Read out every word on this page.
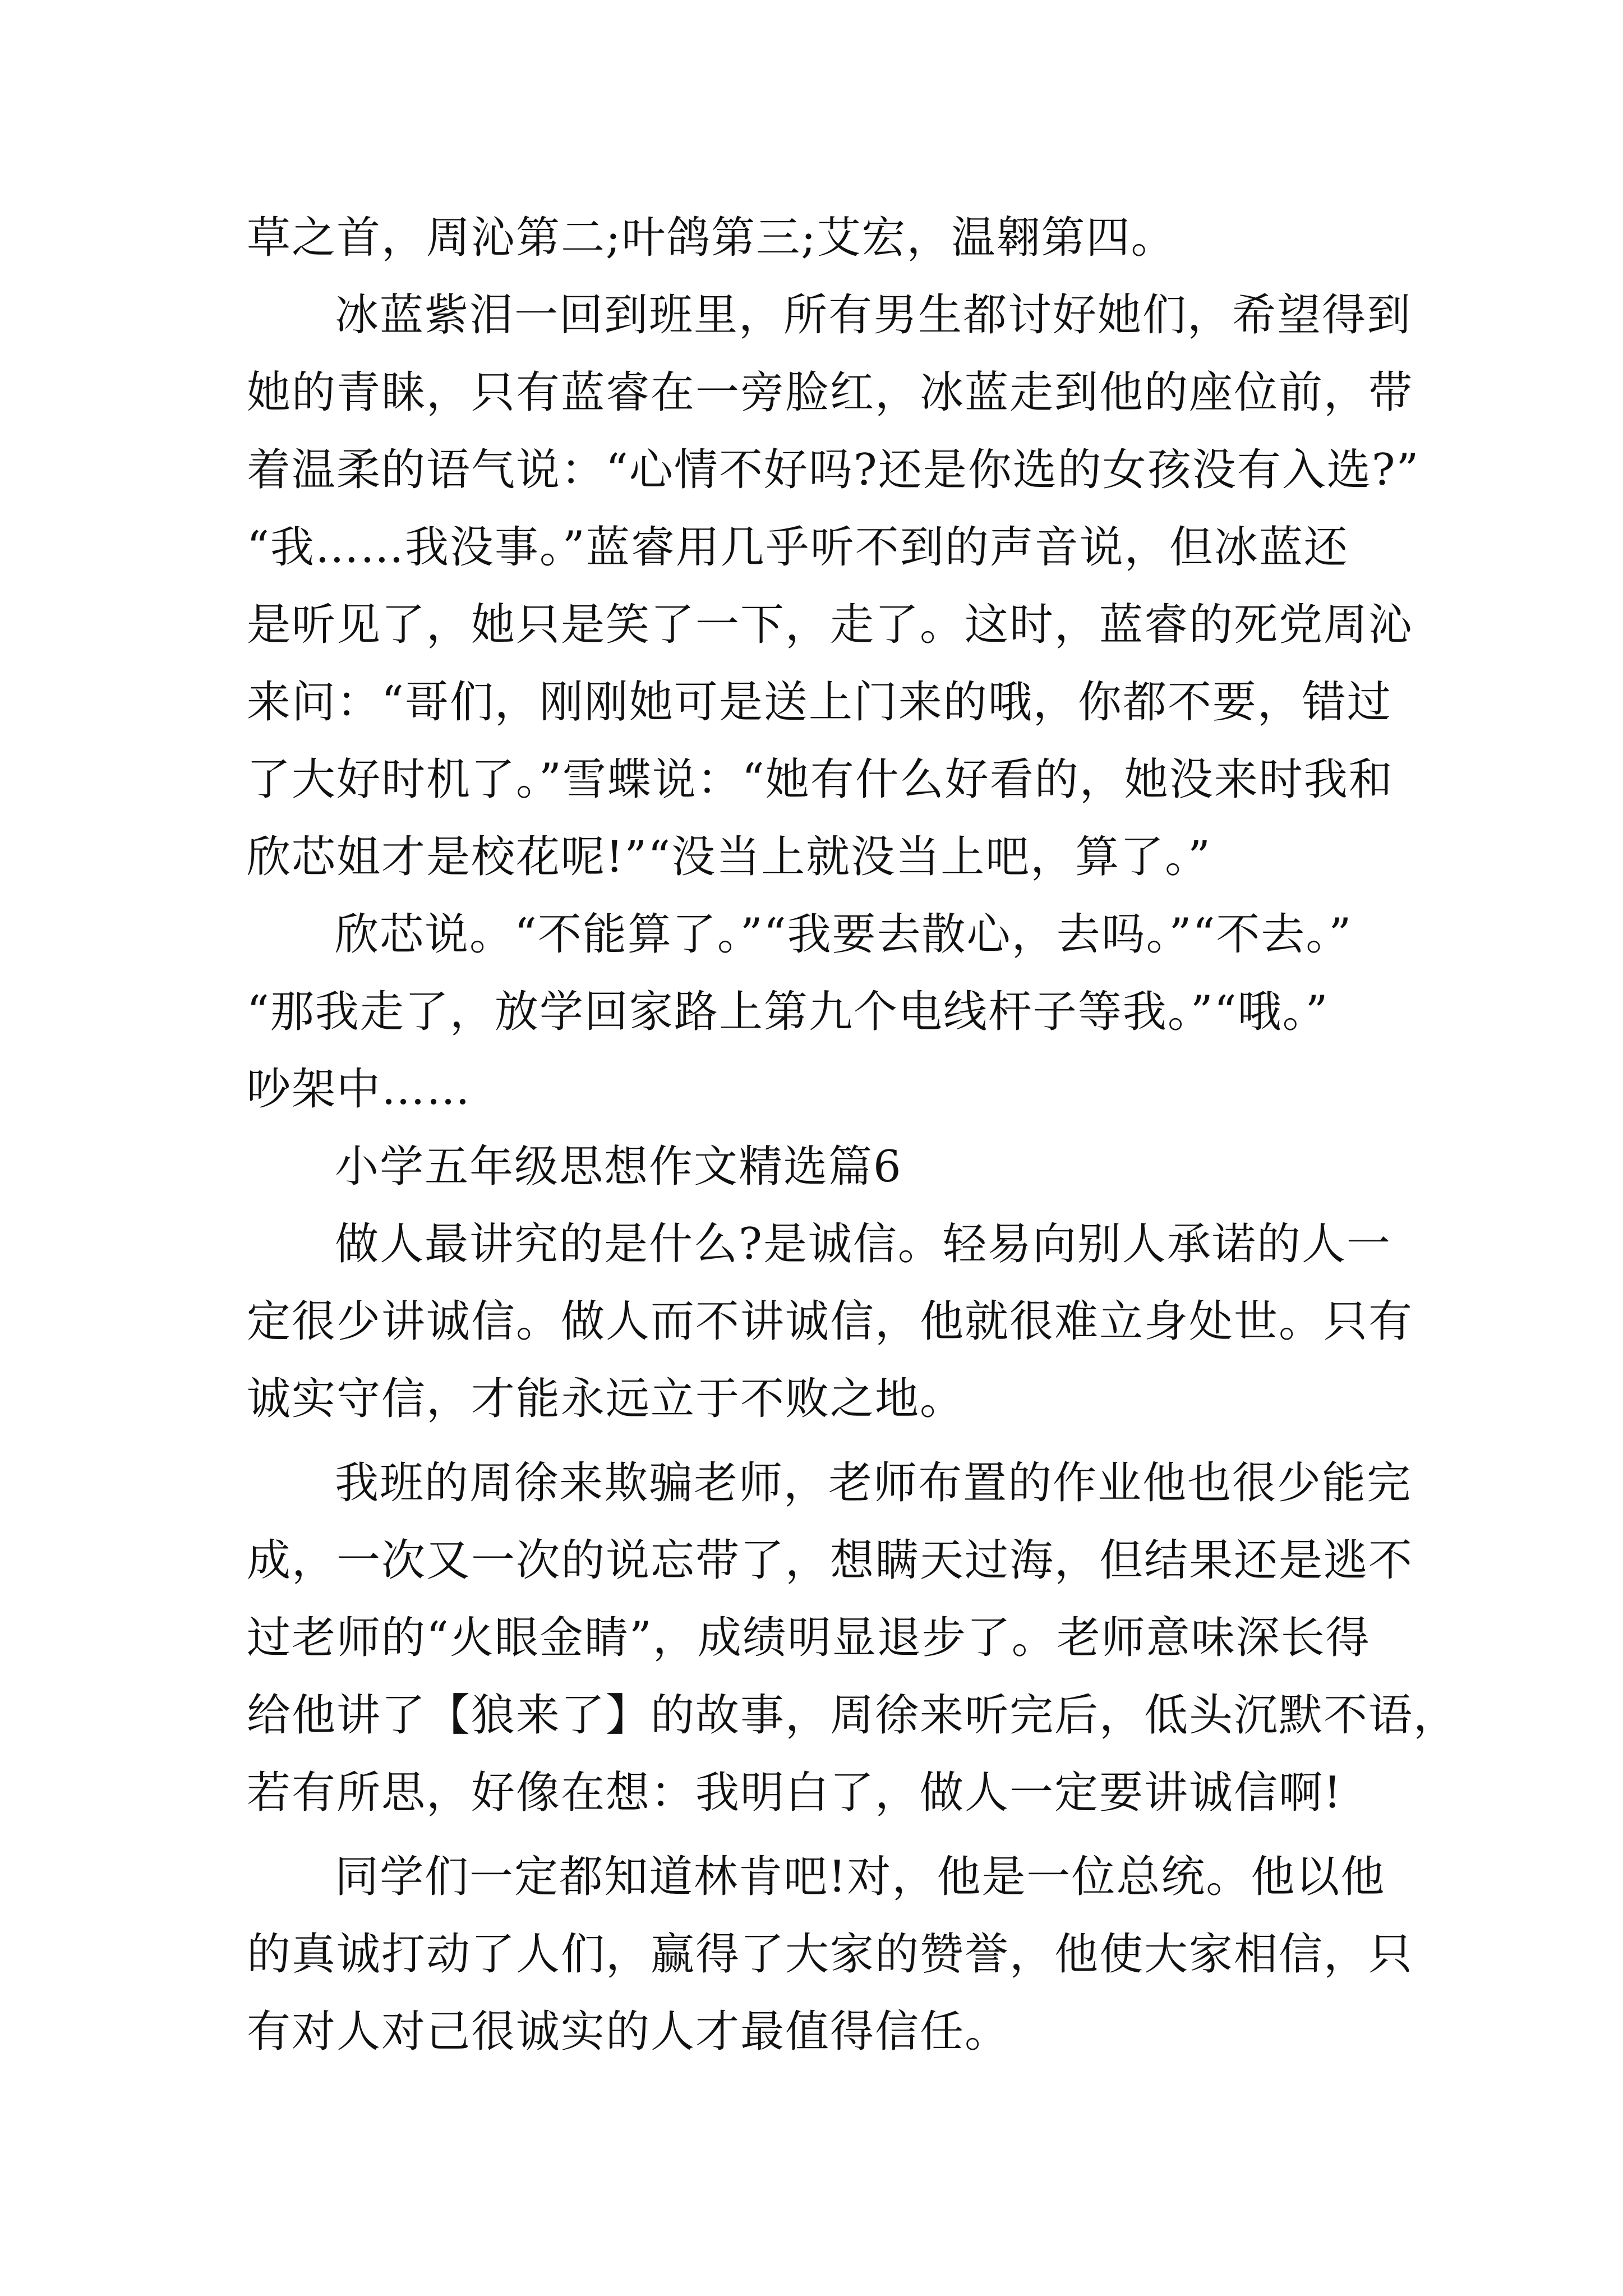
草之首，周沁第二;叶鸽第三;艾宏，温翱第四。
冰蓝紫泪一回到班里，所有男生都讨好她们，希望得到
她的青睐，只有蓝睿在一旁脸红，冰蓝走到他的座位前，带
着温柔的语气说：“心情不好吗?还是你选的女孩没有入选?”
“我……我没事。”蓝睿用几乎听不到的声音说，但冰蓝还
是听见了，她只是笑了一下，走了。这时，蓝睿的死党周沁
来问：“哥们，刚刚她可是送上门来的哦，你都不要，错过
了大好时机了。”雪蝶说：“她有什么好看的，她没来时我和
欣芯姐才是校花呢!”“没当上就没当上吧，算了。”
欣芯说。“不能算了。”“我要去散心，去吗。”“不去。”
“那我走了，放学回家路上第九个电线杆子等我。”“哦。”
吵架中……
小学五年级思想作文精选篇6
做人最讲究的是什么?是诚信。轻易向别人承诺的人一
定很少讲诚信。做人而不讲诚信，他就很难立身处世。只有
诚实守信，才能永远立于不败之地。
我班的周徐来欺骗老师，老师布置的作业他也很少能完
成，一次又一次的说忘带了，想瞒天过海，但结果还是逃不
过老师的“火眼金睛”，成绩明显退步了。老师意味深长得
给他讲了【狼来了】的故事，周徐来听完后，低头沉默不语，
若有所思，好像在想：我明白了，做人一定要讲诚信啊!
同学们一定都知道林肯吧!对，他是一位总统。他以他
的真诚打动了人们，赢得了大家的赞誉，他使大家相信，只
有对人对己很诚实的人才最值得信任。
